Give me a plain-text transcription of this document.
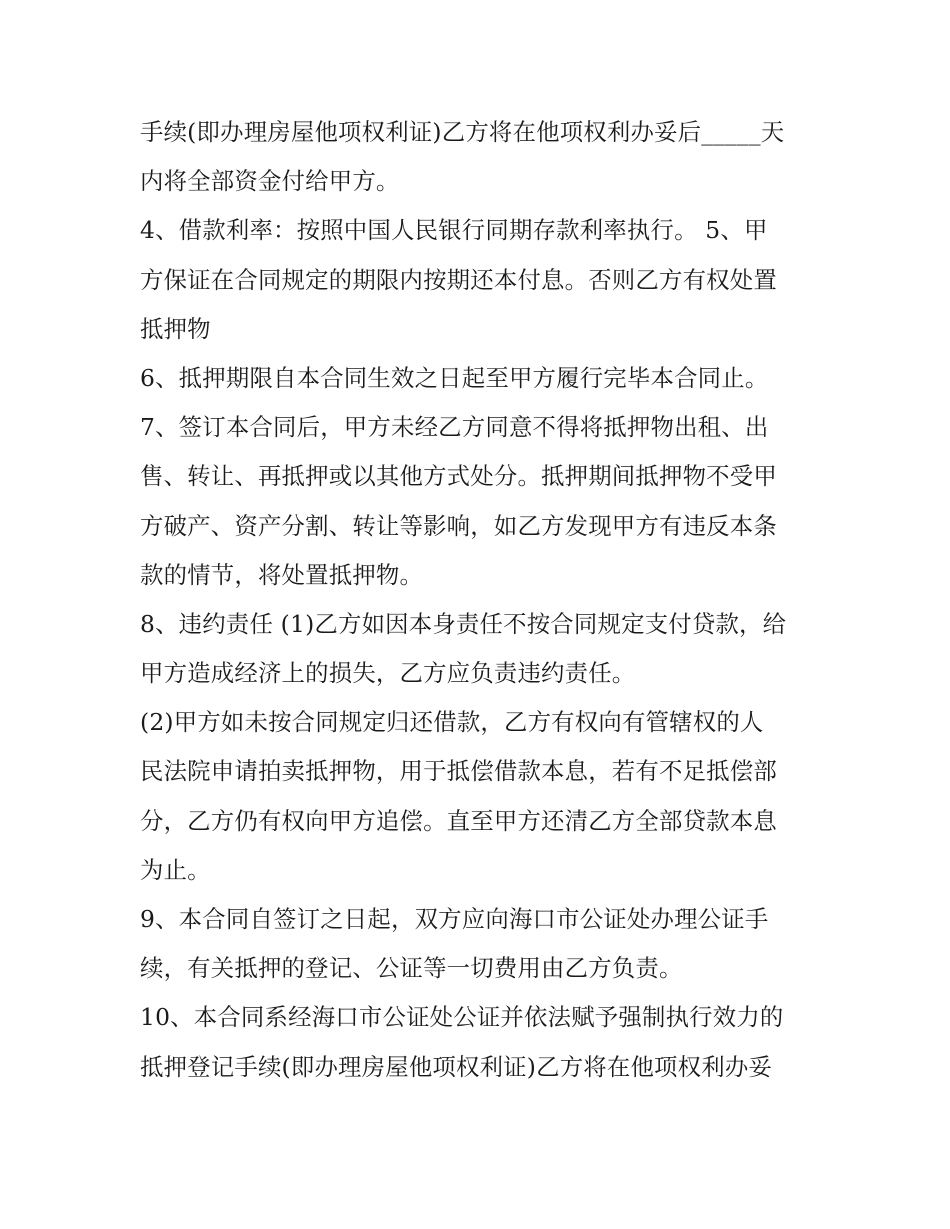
手续(即办理房屋他项权利证)乙方将在他项权利办妥后_____天
内将全部资金付给甲方。
4、借款利率：按照中国人民银行同期存款利率执行。 5、甲
方保证在合同规定的期限内按期还本付息。否则乙方有权处置
抵押物
6、抵押期限自本合同生效之日起至甲方履行完毕本合同止。
7、签订本合同后，甲方未经乙方同意不得将抵押物出租、出
售、转让、再抵押或以其他方式处分。抵押期间抵押物不受甲
方破产、资产分割、转让等影响，如乙方发现甲方有违反本条
款的情节，将处置抵押物。
8、违约责任 (1)乙方如因本身责任不按合同规定支付贷款，给
甲方造成经济上的损失，乙方应负责违约责任。
(2)甲方如未按合同规定归还借款，乙方有权向有管辖权的人
民法院申请拍卖抵押物，用于抵偿借款本息，若有不足抵偿部
分，乙方仍有权向甲方追偿。直至甲方还清乙方全部贷款本息
为止。
9、本合同自签订之日起，双方应向海口市公证处办理公证手
续，有关抵押的登记、公证等一切费用由乙方负责。
10、本合同系经海口市公证处公证并依法赋予强制执行效力的
抵押登记手续(即办理房屋他项权利证)乙方将在他项权利办妥
